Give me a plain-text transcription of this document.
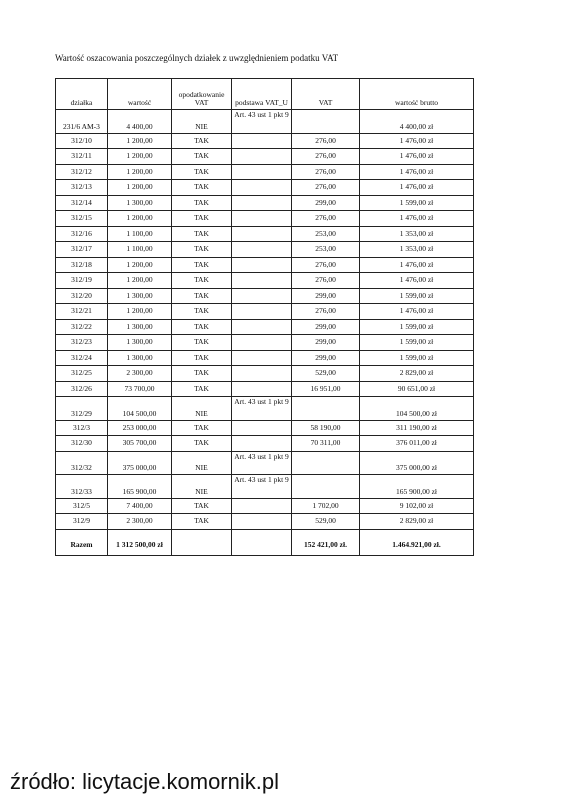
Wartość oszacowania poszczególnych działek z uwzględnieniem podatku VAT
działka	wartość	opodatkowanie VAT	podstawa VAT_U	VAT	wartość brutto
231/6 AM-3	4 400,00	NIE	Art. 43 ust 1 pkt 9		4 400,00 zł
312/10	1 200,00	TAK		276,00	1 476,00 zł
312/11	1 200,00	TAK		276,00	1 476,00 zł
312/12	1 200,00	TAK		276,00	1 476,00 zł
312/13	1 200,00	TAK		276,00	1 476,00 zł
312/14	1 300,00	TAK		299,00	1 599,00 zł
312/15	1 200,00	TAK		276,00	1 476,00 zł
312/16	1 100,00	TAK		253,00	1 353,00 zł
312/17	1 100,00	TAK		253,00	1 353,00 zł
312/18	1 200,00	TAK		276,00	1 476,00 zł
312/19	1 200,00	TAK		276,00	1 476,00 zł
312/20	1 300,00	TAK		299,00	1 599,00 zł
312/21	1 200,00	TAK		276,00	1 476,00 zł
312/22	1 300,00	TAK		299,00	1 599,00 zł
312/23	1 300,00	TAK		299,00	1 599,00 zł
312/24	1 300,00	TAK		299,00	1 599,00 zł
312/25	2 300,00	TAK		529,00	2 829,00 zł
312/26	73 700,00	TAK		16 951,00	90 651,00 zł
312/29	104 500,00	NIE	Art. 43 ust 1 pkt 9		104 500,00 zł
312/3	253 000,00	TAK		58 190,00	311 190,00 zł
312/30	305 700,00	TAK		70 311,00	376 011,00 zł
312/32	375 000,00	NIE	Art. 43 ust 1 pkt 9		375 000,00 zł
312/33	165 900,00	NIE	Art. 43 ust 1 pkt 9		165 900,00 zł
312/5	7 400,00	TAK		1 702,00	9 102,00 zł
312/9	2 300,00	TAK		529,00	2 829,00 zł
Razem	1 312 500,00 zł			152 421,00 zł.	1.464.921,00 zł.
źródło: licytacje.komornik.pl
